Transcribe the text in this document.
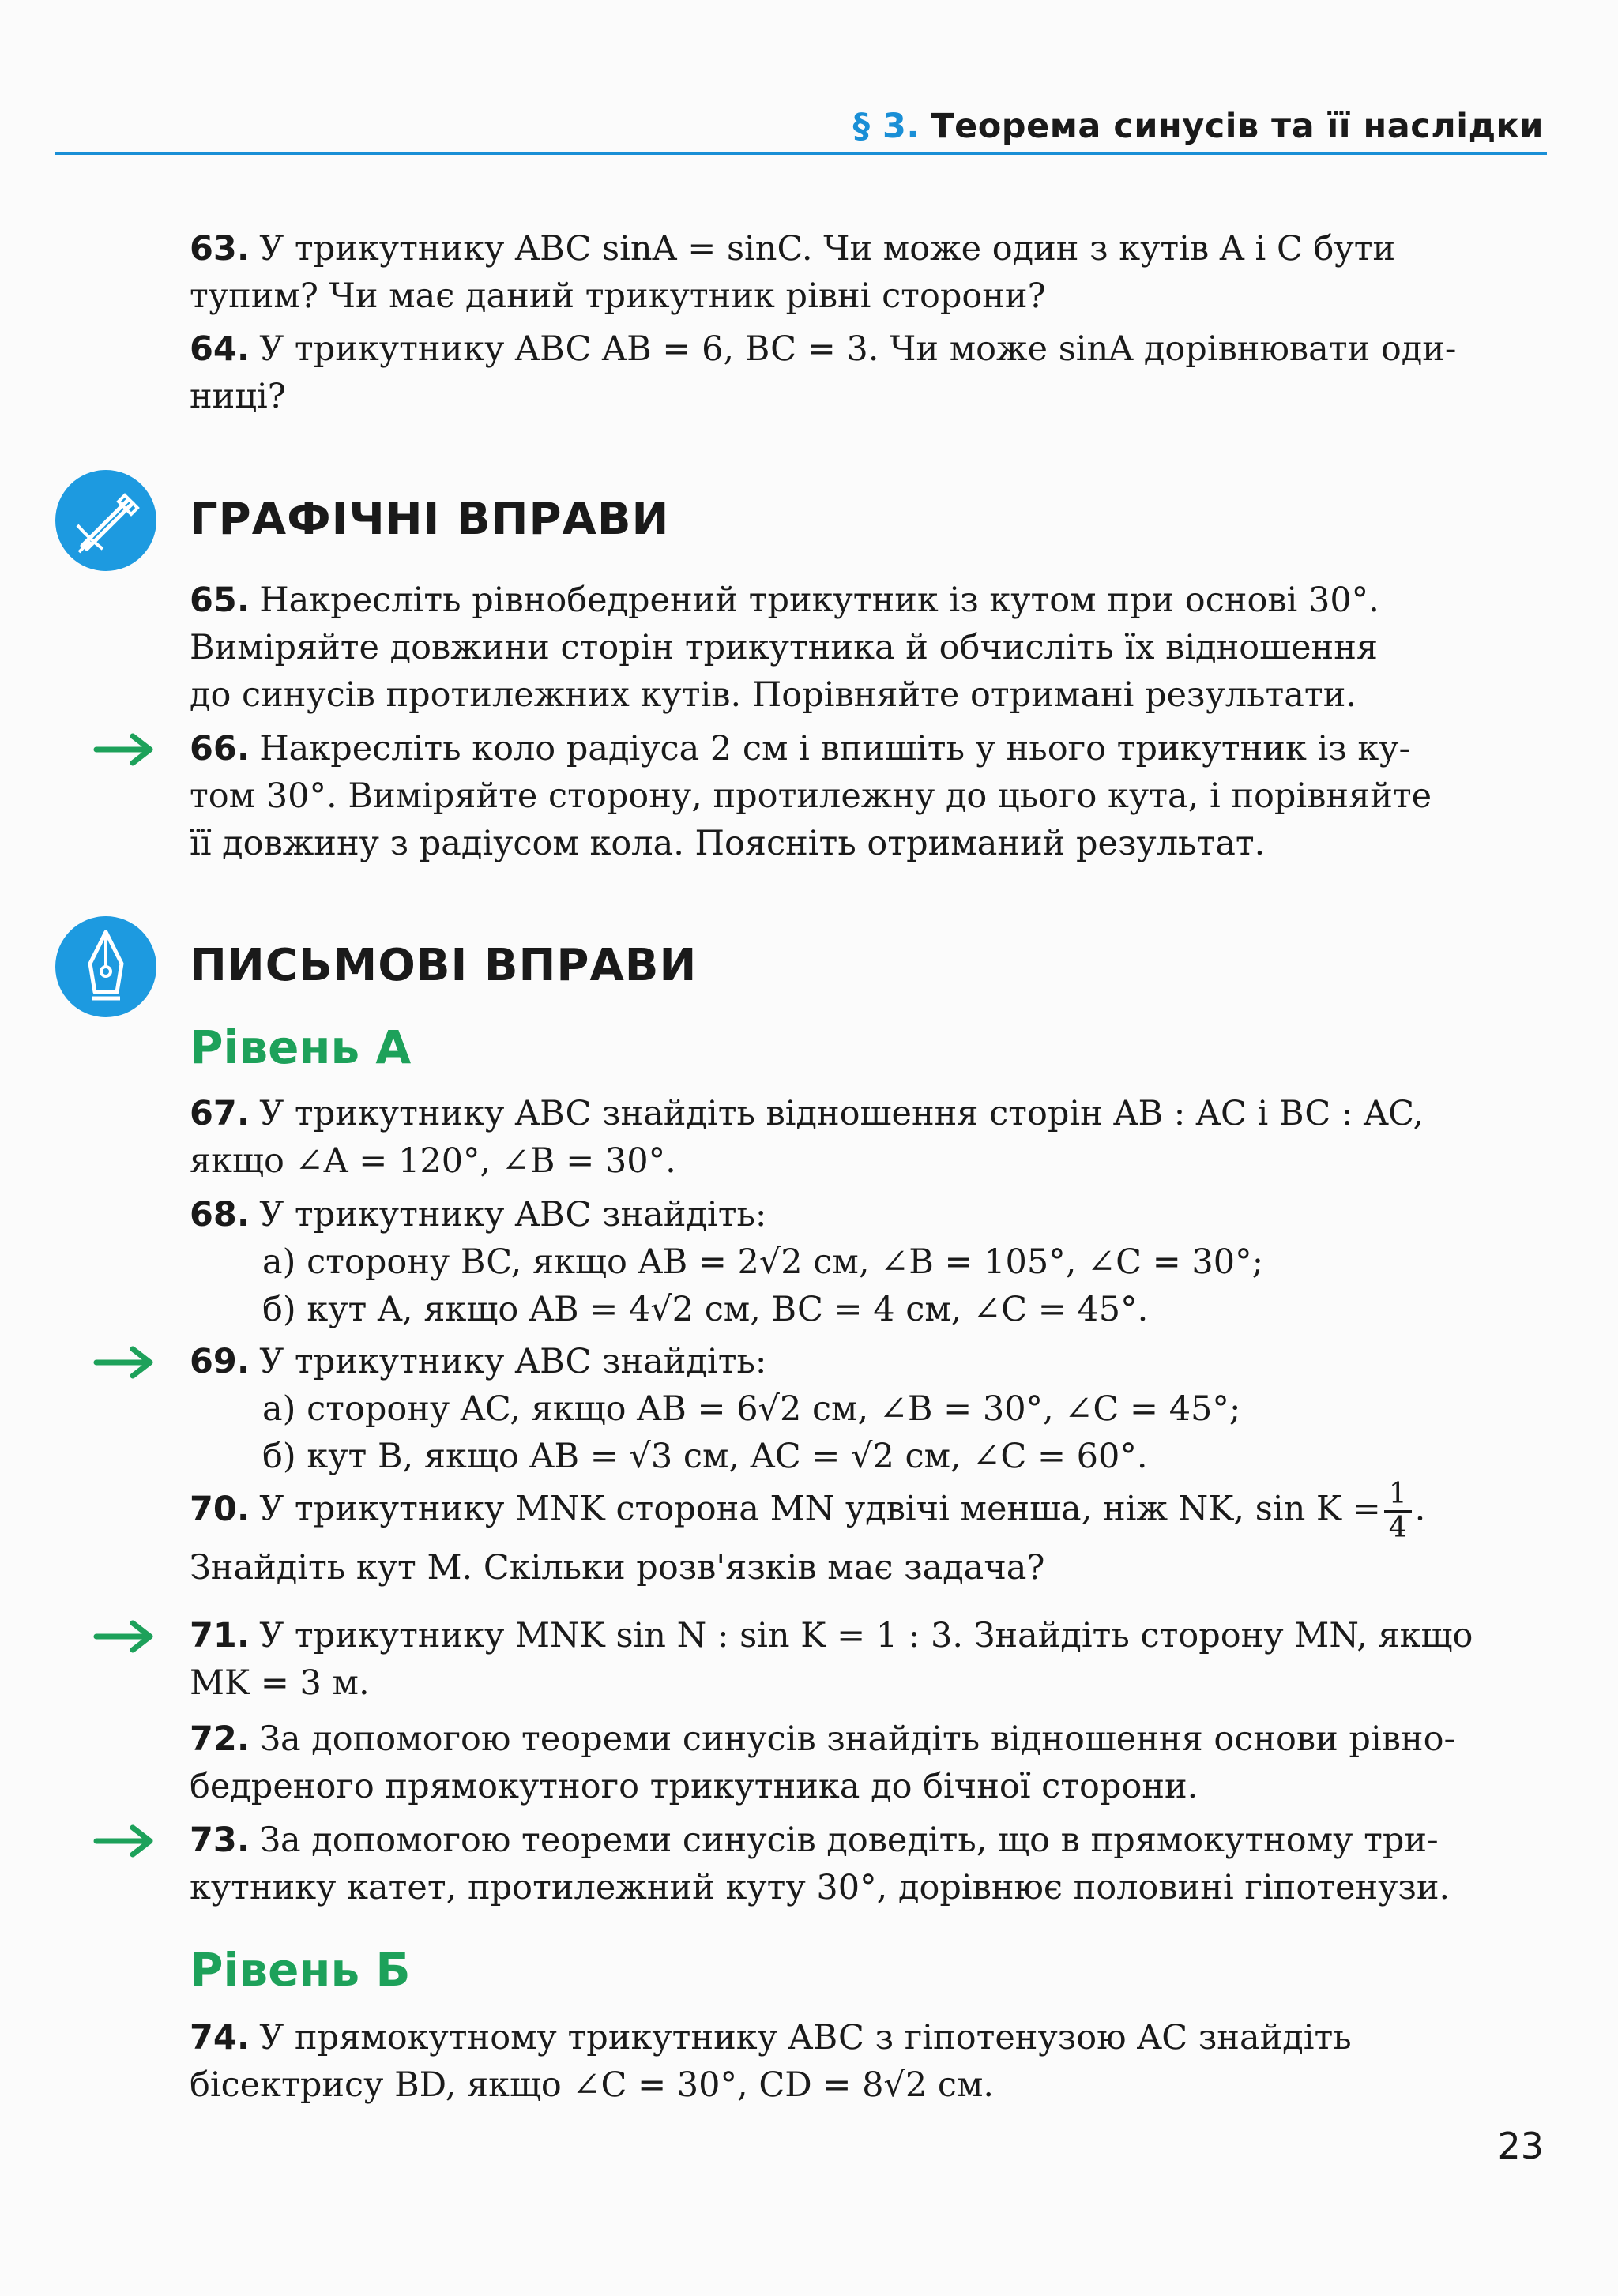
§ 3. Теорема синусів та її наслідки
63. У трикутнику ABC sinA = sinC. Чи може один з кутів A і C бути
тупим? Чи має даний трикутник рівні сторони?
64. У трикутнику ABC AB = 6, BC = 3. Чи може sinA дорівнювати оди-
ниці?
ГРАФІЧНІ ВПРАВИ
65. Накресліть рівнобедрений трикутник із кутом при основі 30°.
Виміряйте довжини сторін трикутника й обчисліть їх відношення
до синусів протилежних кутів. Порівняйте отримані результати.
66. Накресліть коло радіуса 2 см і впишіть у нього трикутник із ку-
том 30°. Виміряйте сторону, протилежну до цього кута, і порівняйте
її довжину з радіусом кола. Поясніть отриманий результат.
ПИСЬМОВІ ВПРАВИ
Рівень А
67. У трикутнику ABC знайдіть відношення сторін AB : AC і BC : AC,
якщо ∠A = 120°, ∠B = 30°.
68. У трикутнику ABC знайдіть:
а) сторону BC, якщо AB = 2√2 см, ∠B = 105°, ∠C = 30°;
б) кут A, якщо AB = 4√2 см, BC = 4 см, ∠C = 45°.
69. У трикутнику ABC знайдіть:
а) сторону AC, якщо AB = 6√2 см, ∠B = 30°, ∠C = 45°;
б) кут B, якщо AB = √3 см, AC = √2 см, ∠C = 60°.
70. У трикутнику MNK сторона MN удвічі менша, ніж NK, $\sin K = \frac{1}{4}$ .
Знайдіть кут M. Скільки розв'язків має задача?
71. У трикутнику MNK sin N : sin K = 1 : 3. Знайдіть сторону MN, якщо
MK = 3 м.
72. За допомогою теореми синусів знайдіть відношення основи рівно-
бедреного прямокутного трикутника до бічної сторони.
73. За допомогою теореми синусів доведіть, що в прямокутному три-
кутнику катет, протилежний куту 30°, дорівнює половині гіпотенузи.
Рівень Б
74. У прямокутному трикутнику ABC з гіпотенузою AC знайдіть
бісектрису BD, якщо ∠C = 30°, CD = 8√2 см.
23
